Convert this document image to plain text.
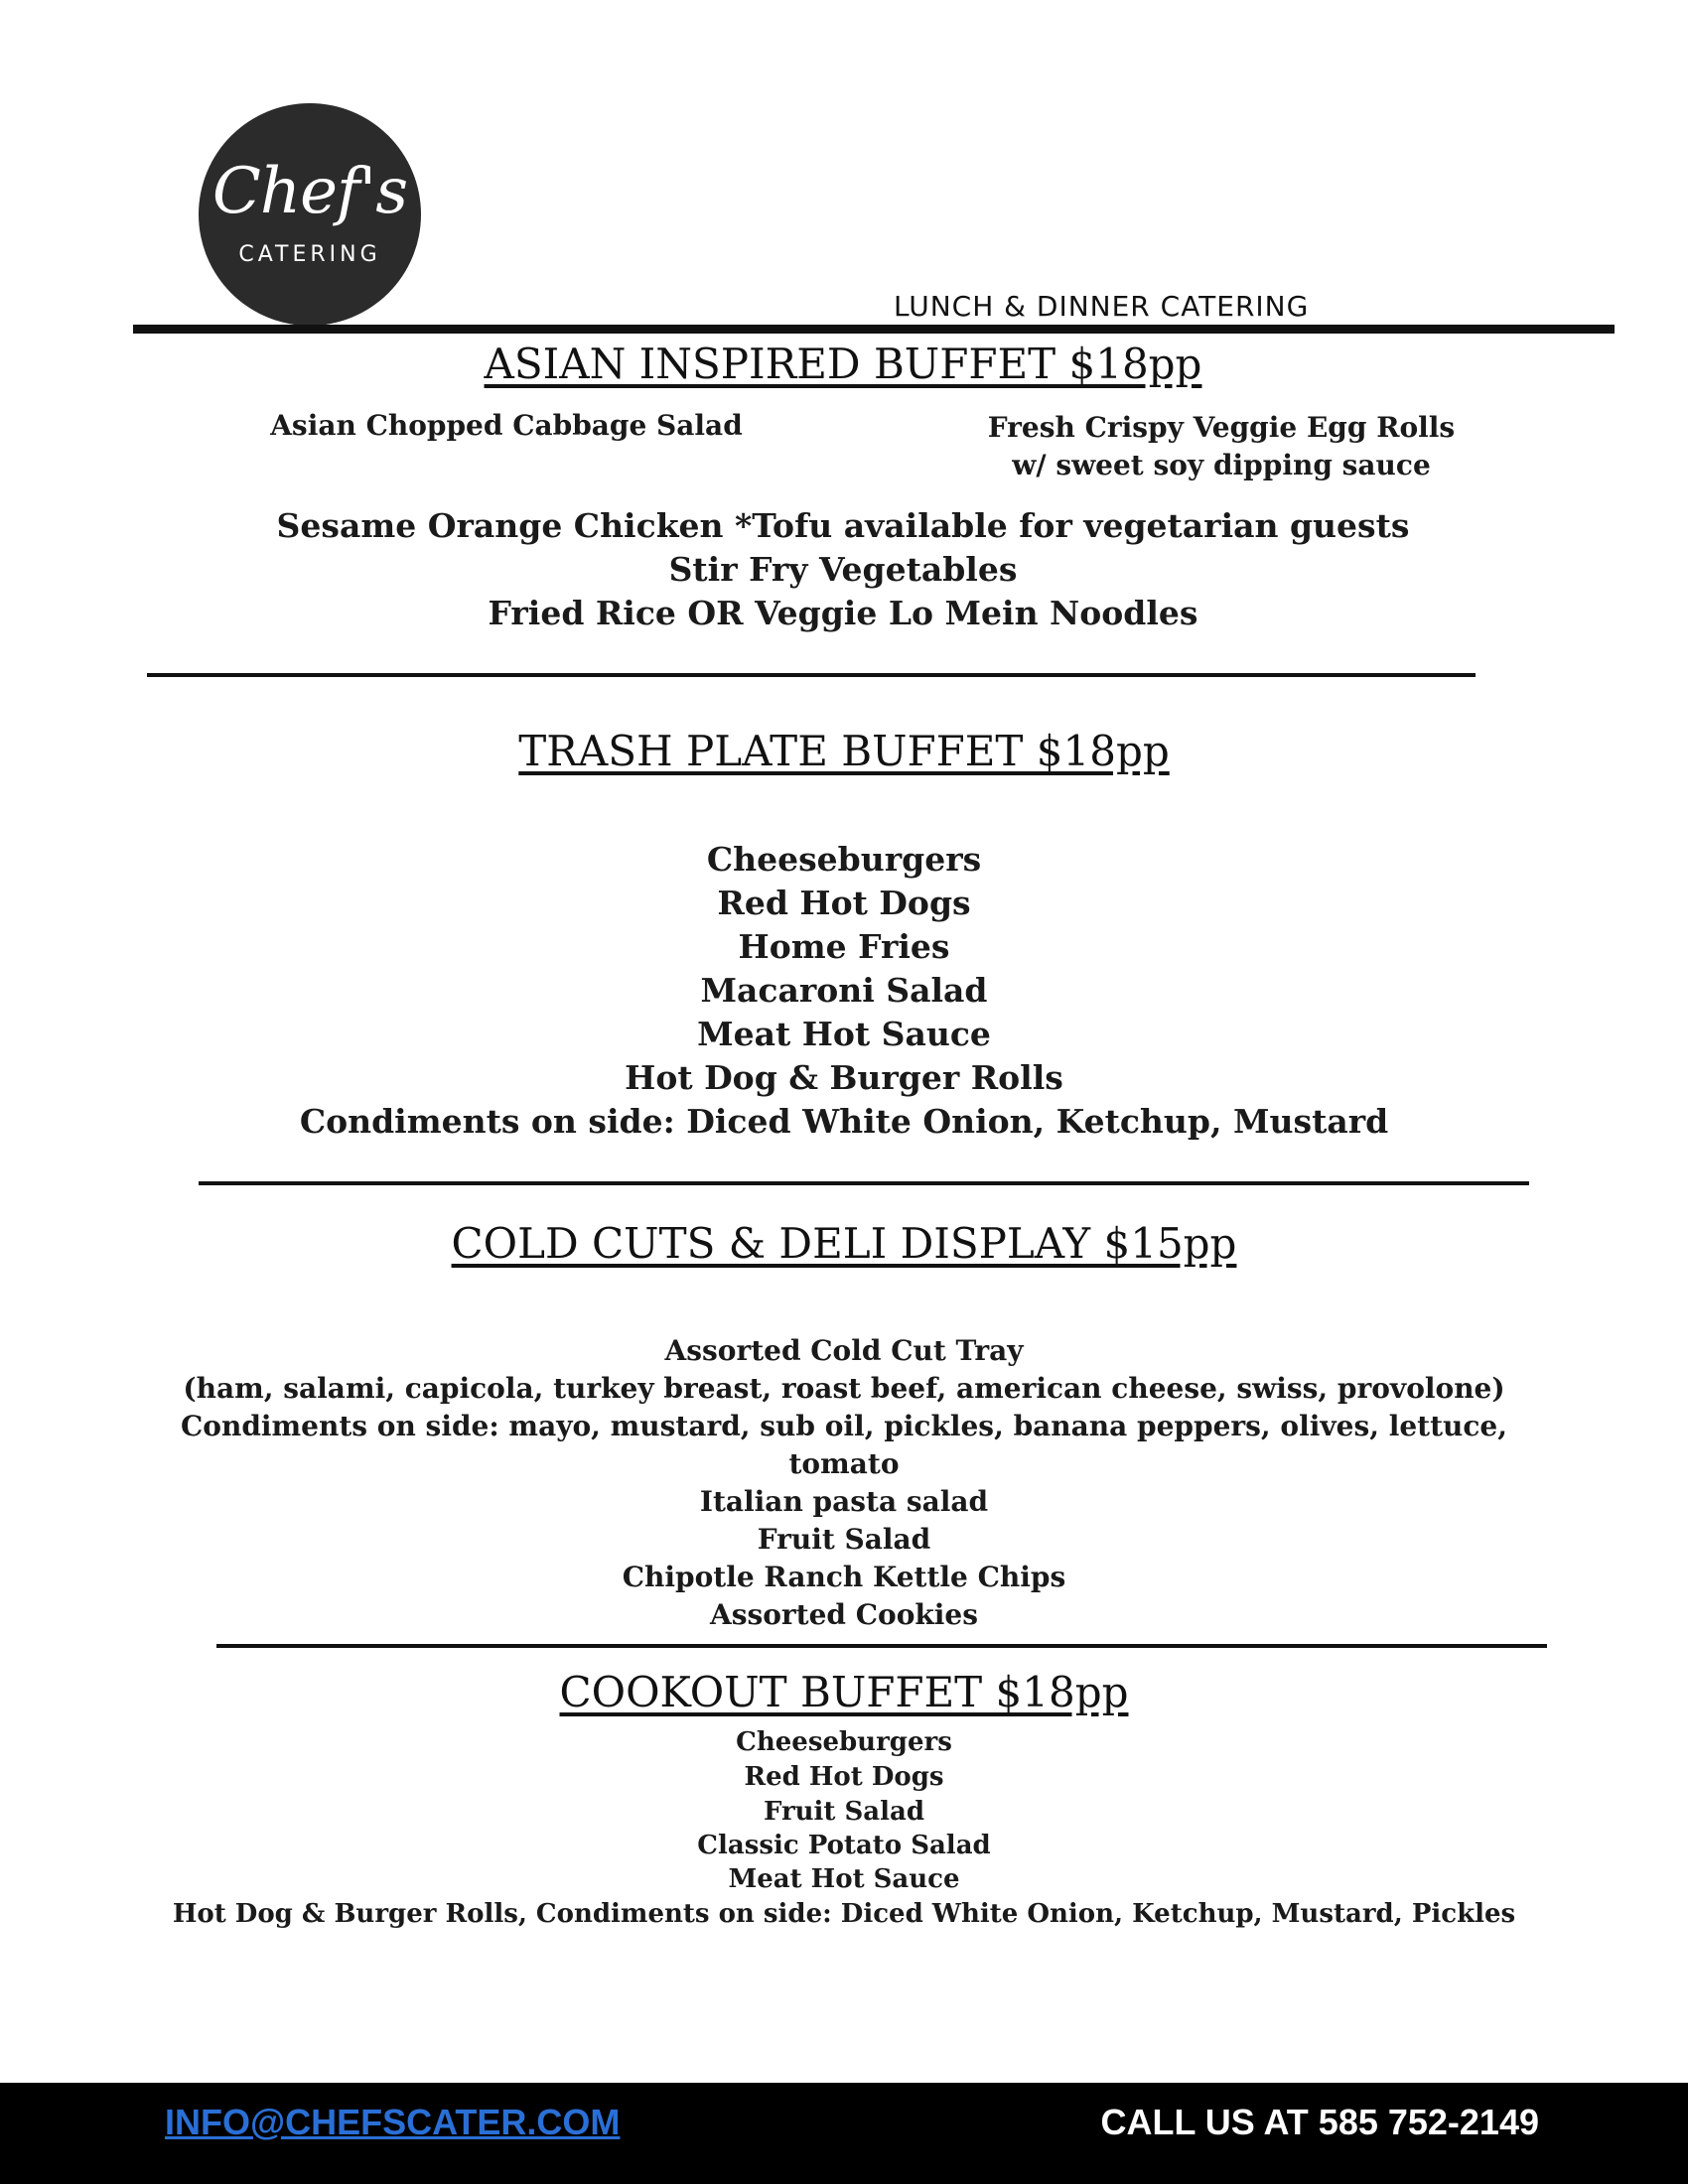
Chef's
CATERING
LUNCH & DINNER CATERING
ASIAN INSPIRED BUFFET $18pp
Asian Chopped Cabbage Salad	Fresh Crispy Veggie Egg Rolls
w/ sweet soy dipping sauce
Sesame Orange Chicken *Tofu available for vegetarian guests
Stir Fry Vegetables
Fried Rice OR Veggie Lo Mein Noodles
TRASH PLATE BUFFET $18pp
Cheeseburgers
Red Hot Dogs
Home Fries
Macaroni Salad
Meat Hot Sauce
Hot Dog & Burger Rolls
Condiments on side: Diced White Onion, Ketchup, Mustard
COLD CUTS & DELI DISPLAY $15pp
Assorted Cold Cut Tray
(ham, salami, capicola, turkey breast, roast beef, american cheese, swiss, provolone)
Condiments on side: mayo, mustard, sub oil, pickles, banana peppers, olives, lettuce,
tomato
Italian pasta salad
Fruit Salad
Chipotle Ranch Kettle Chips
Assorted Cookies
COOKOUT BUFFET $18pp
Cheeseburgers
Red Hot Dogs
Fruit Salad
Classic Potato Salad
Meat Hot Sauce
Hot Dog & Burger Rolls, Condiments on side: Diced White Onion, Ketchup, Mustard, Pickles
INFO@CHEFSCATER.COM	CALL US AT 585 752-2149
